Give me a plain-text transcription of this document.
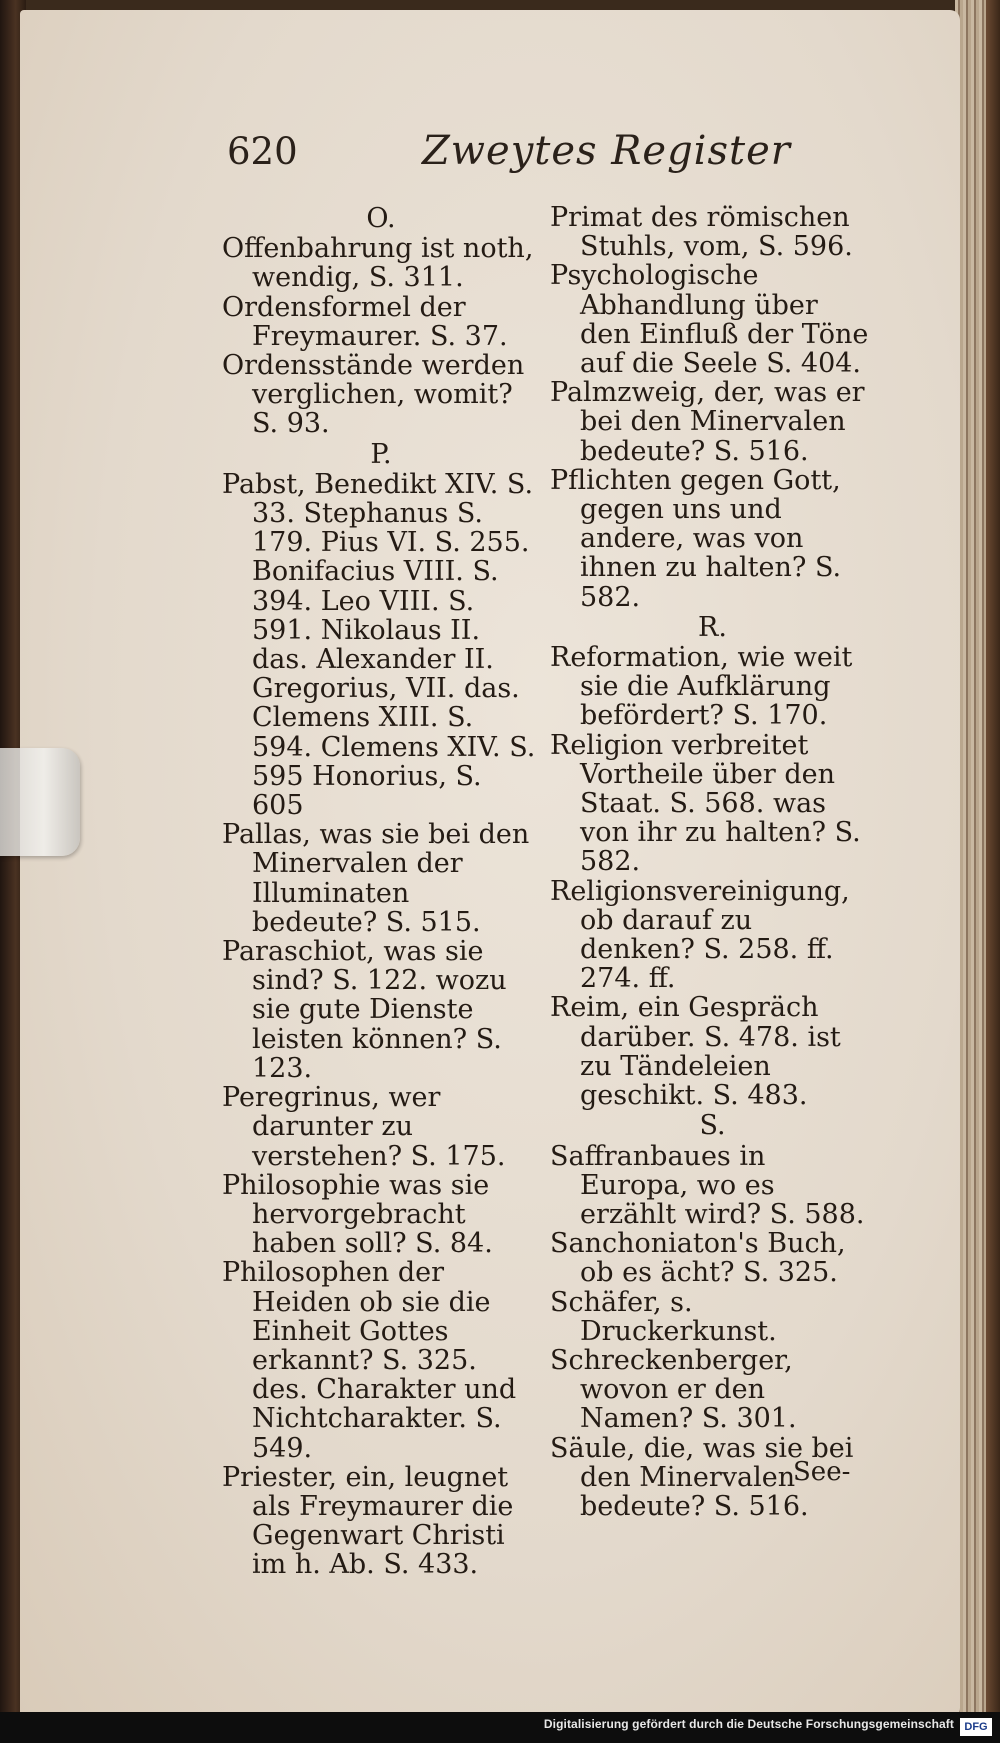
620	Zweytes Register

O.

Offenbahrung ist noth, wendig, S. 311.

Ordensformel der Freymaurer. S. 37.

Ordensstände werden verglichen, womit? S. 93.

P.

Pabst, Benedikt XIV. S. 33. Stephanus S. 179. Pius VI. S. 255. Bonifacius VIII. S. 394. Leo VIII. S. 591. Nikolaus II. das. Alexander II. Gregorius, VII. das. Clemens XIII. S. 594. Clemens XIV. S. 595 Honorius, S. 605

Pallas, was sie bei den Minervalen der Illuminaten bedeute? S. 515.

Paraschiot, was sie sind? S. 122. wozu sie gute Dienste leisten können? S. 123.

Peregrinus, wer darunter zu verstehen? S. 175.

Philosophie was sie hervorgebracht haben soll? S. 84.

Philosophen der Heiden ob sie die Einheit Gottes erkannt? S. 325. des. Charakter und Nichtcharakter. S. 549.

Priester, ein, leugnet als Freymaurer die Gegenwart Christi im h. Ab. S. 433.

Primat des römischen Stuhls, vom, S. 596.

Psychologische Abhandlung über den Einfluß der Töne auf die Seele S. 404.

Palmzweig, der, was er bei den Minervalen bedeute? S. 516.

Pflichten gegen Gott, gegen uns und andere, was von ihnen zu halten? S. 582.

R.

Reformation, wie weit sie die Aufklärung befördert? S. 170.

Religion verbreitet Vortheile über den Staat. S. 568. was von ihr zu halten? S. 582.

Religionsvereinigung, ob darauf zu denken? S. 258. ff. 274. ff.

Reim, ein Gespräch darüber. S. 478. ist zu Tändeleien geschikt. S. 483.

S.

Saffranbaues in Europa, wo es erzählt wird? S. 588.

Sanchoniaton's Buch, ob es ächt? S. 325.

Schäfer, s. Druckerkunst.

Schreckenberger, wovon er den Namen? S. 301.

Säule, die, was sie bei den Minervalen bedeute? S. 516.

See-
Digitalisierung gefördert durch die Deutsche Forschungsgemeinschaft DFG
